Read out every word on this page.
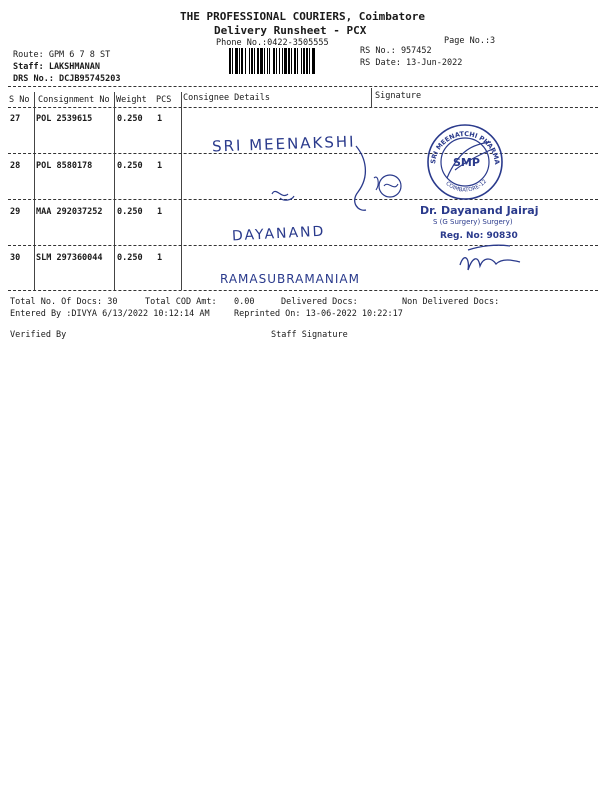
THE PROFESSIONAL COURIERS, Coimbatore
Delivery Runsheet - PCX
Phone No.:0422-3505555	Page No.:3
Route: GPM 6 7 8 ST
Staff: LAKSHMANAN
DRS No.: DCJB95745203
RS No.: 957452
RS Date: 13-Jun-2022
S No Consignment No Weight PCS Consignee Details	Signature
27 POL 2539615	0.250 1
SRI MEENAKSHI
28 POL 8580178	0.250 1
29 MAA 292037252 0.250 1
DAYANAND
30 SLM 297360044 0.250 1
RAMASUBRAMANIAM
SRI MEENATCHI PHARMA
COIMBATORE-12
SMP
Dr. Dayanand Jairaj
S (G Surgery) Surgery)
Reg. No: 90830
Total No. Of Docs: 30	Total COD Amt: 0.00	Delivered Docs:	Non Delivered Docs:
Entered By :DIVYA 6/13/2022 10:12:14 AM	Reprinted On: 13-06-2022 10:22:17
Verified By	Staff Signature
